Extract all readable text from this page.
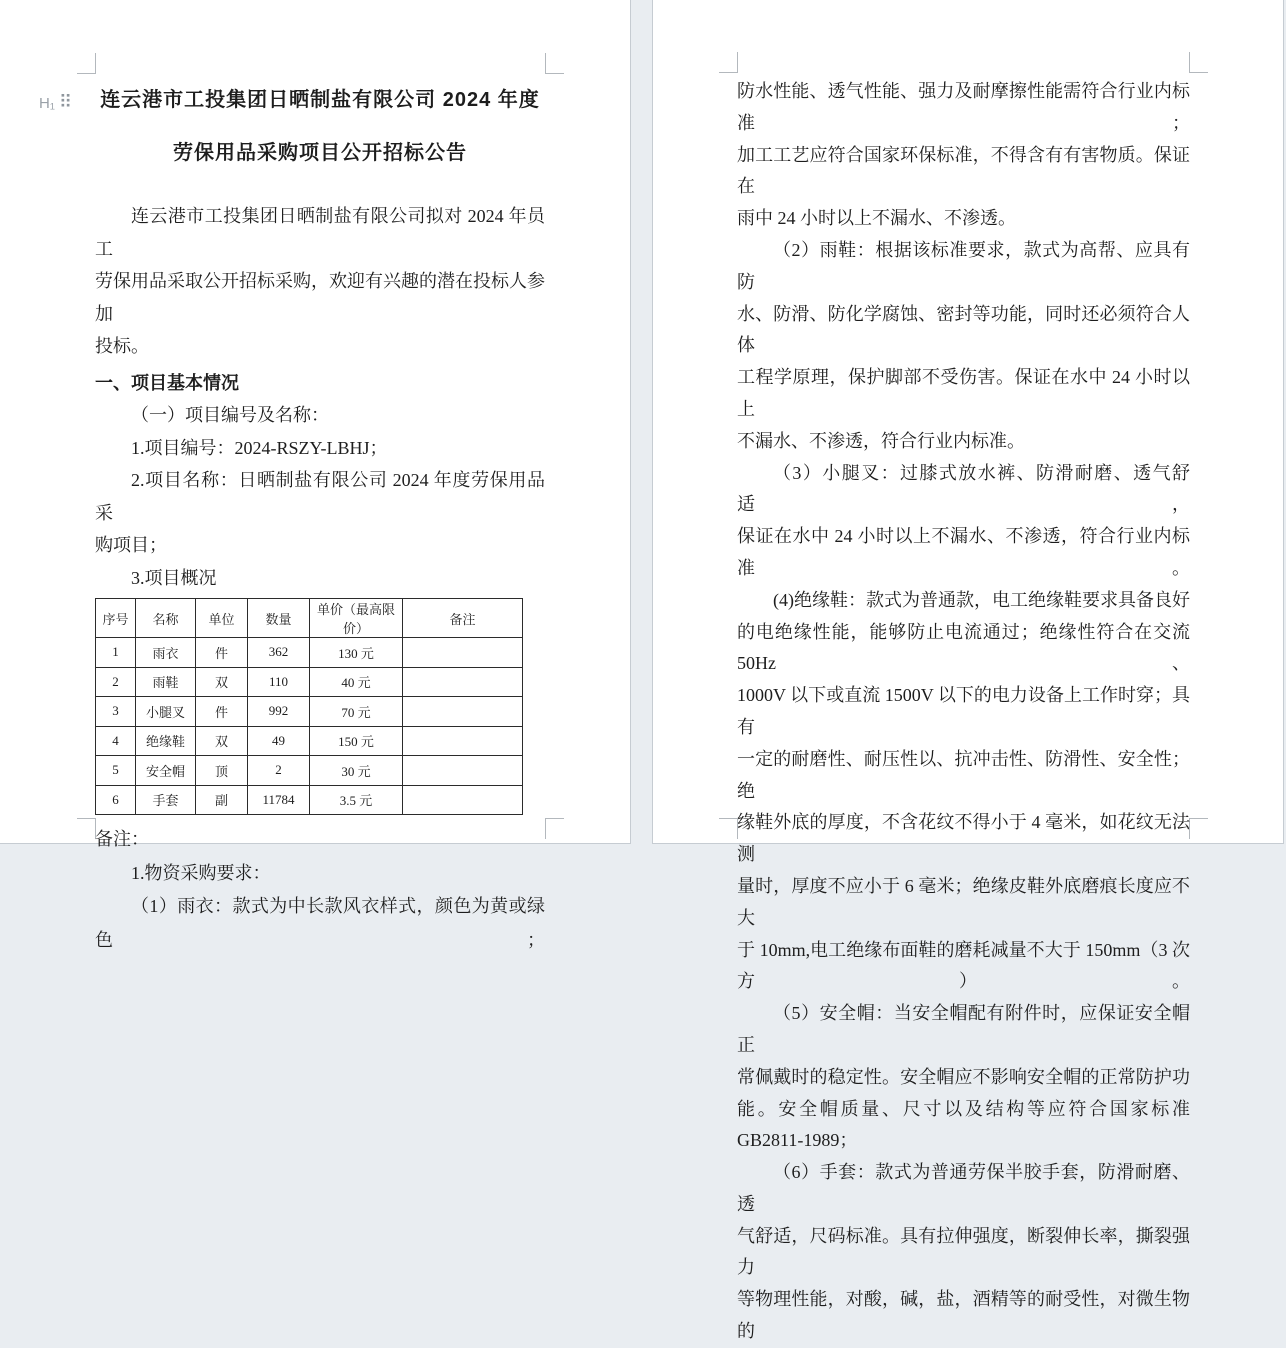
H₁ ⠿ 连云港市工投集团日晒制盐有限公司 2024 年度
劳保用品采购项目公开招标公告
连云港市工投集团日晒制盐有限公司拟对 2024 年员工
劳保用品采取公开招标采购，欢迎有兴趣的潜在投标人参加
投标。
一、项目基本情况
（一）项目编号及名称：
1.项目编号：2024-RSZY-LBHJ；
2.项目名称：日晒制盐有限公司 2024 年度劳保用品采
购项目；
3.项目概况
序号	名称	单位	数量	单价（最高限价）	备注
1	雨衣	件	362	130 元	
2	雨鞋	双	110	40 元	
3	小腿叉	件	992	70 元	
4	绝缘鞋	双	49	150 元	
5	安全帽	顶	2	30 元	
6	手套	副	11784	3.5 元	
备注：
1.物资采购要求：
（1）雨衣：款式为中长款风衣样式，颜色为黄或绿色；
防水性能、透气性能、强力及耐摩擦性能需符合行业内标准；
加工工艺应符合国家环保标准，不得含有有害物质。保证在
雨中 24 小时以上不漏水、不渗透。
（2）雨鞋：根据该标准要求，款式为高帮、应具有防
水、防滑、防化学腐蚀、密封等功能，同时还必须符合人体
工程学原理，保护脚部不受伤害。保证在水中 24 小时以上
不漏水、不渗透，符合行业内标准。
（3）小腿叉：过膝式放水裤、防滑耐磨、透气舒适，
保证在水中 24 小时以上不漏水、不渗透，符合行业内标准。
(4)绝缘鞋：款式为普通款，电工绝缘鞋要求具备良好
的电绝缘性能，能够防止电流通过；绝缘性符合在交流 50Hz、
1000V 以下或直流 1500V 以下的电力设备上工作时穿；具有
一定的耐磨性、耐压性以、抗冲击性、防滑性、安全性；绝
缘鞋外底的厚度，不含花纹不得小于 4 毫米，如花纹无法测
量时，厚度不应小于 6 毫米；绝缘皮鞋外底磨痕长度应不大
于 10mm,电工绝缘布面鞋的磨耗减量不大于 150mm（3 次方）。
（5）安全帽：当安全帽配有附件时，应保证安全帽正
常佩戴时的稳定性。安全帽应不影响安全帽的正常防护功
能。安全帽质量、尺寸以及结构等应符合国家标准
GB2811-1989；
（6）手套：款式为普通劳保半胶手套，防滑耐磨、透
气舒适，尺码标准。具有拉伸强度，断裂伸长率，撕裂强力
等物理性能，对酸，碱，盐，酒精等的耐受性，对微生物的
